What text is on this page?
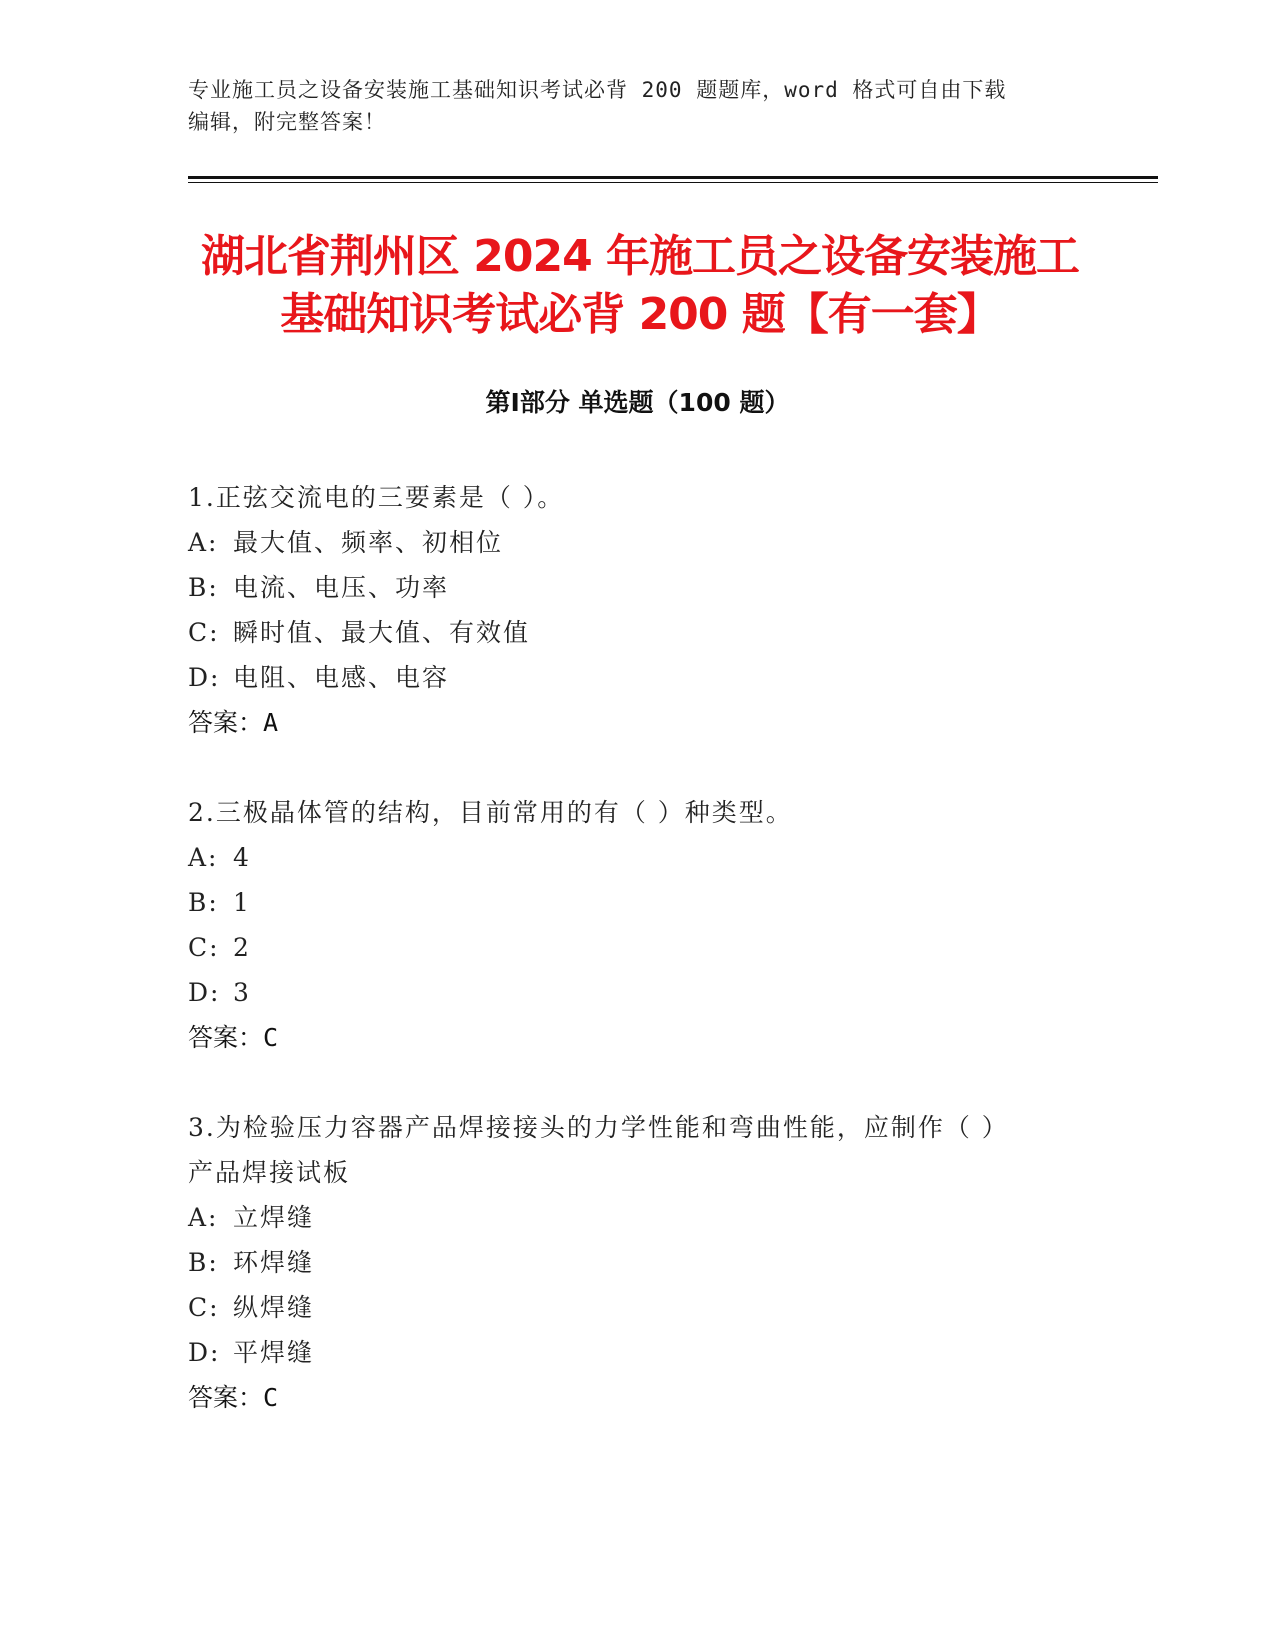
专业施工员之设备安装施工基础知识考试必背 200 题题库，word 格式可自由下载
编辑，附完整答案！
湖北省荆州区 2024 年施工员之设备安装施工
基础知识考试必背 200 题【有一套】
第Ⅰ部分 单选题（100 题）
1.正弦交流电的三要素是（ ）。
A: 最大值、频率、初相位
B: 电流、电压、功率
C: 瞬时值、最大值、有效值
D: 电阻、电感、电容
答案：A
2.三极晶体管的结构，目前常用的有（ ）种类型。
A: 4
B: 1
C: 2
D: 3
答案：C
3.为检验压力容器产品焊接接头的力学性能和弯曲性能，应制作（ ）
产品焊接试板
A: 立焊缝
B: 环焊缝
C: 纵焊缝
D: 平焊缝
答案：C
